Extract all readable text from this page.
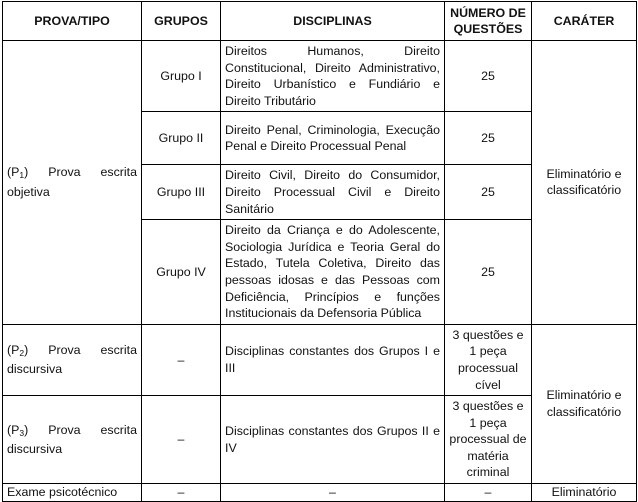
PROVA/TIPO	GRUPOS	DISCIPLINAS	NÚMERO DE QUESTÕES	CARÁTER
$(P_1)$ Prova escrita objetiva	Grupo I	Direitos Humanos, Direito Constitucional, Direito Administrativo, Direito Urbanístico e Fundiário e Direito Tributário	25	Eliminatório e classificatório
	Grupo II	Direito Penal, Criminologia, Execução Penal e Direito Processual Penal	25	
	Grupo III	Direito Civil, Direito do Consumidor, Direito Processual Civil e Direito Sanitário	25	
	Grupo IV	Direito da Criança e do Adolescente, Sociologia Jurídica e Teoria Geral do Estado, Tutela Coletiva, Direito das pessoas idosas e das Pessoas com Deficiência, Princípios e funções Institucionais da Defensoria Pública	25	
$(P_2)$ Prova escrita discursiva	–	Disciplinas constantes dos Grupos I e III	3 questões e 1 peça processual cível	Eliminatório e classificatório
$(P_3)$ Prova escrita discursiva	–	Disciplinas constantes dos Grupos II e IV	3 questões e 1 peça processual de matéria criminal	
Exame psicotécnico	–	–	–	Eliminatório
